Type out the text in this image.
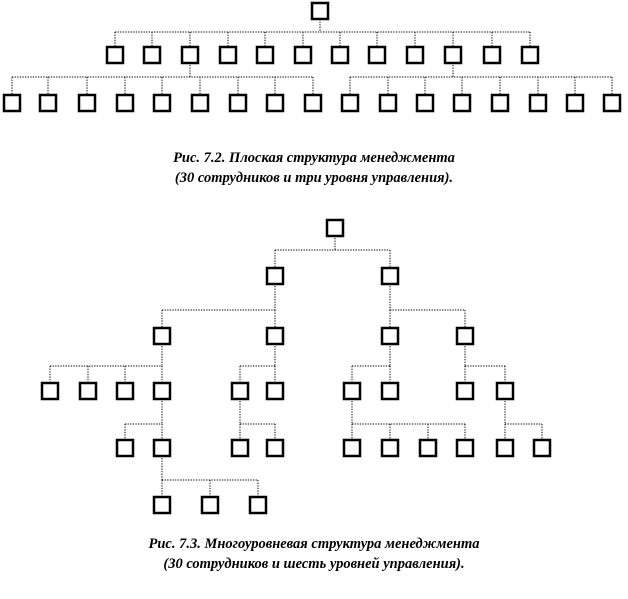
Рис. 7.2. Плоская структура менеджмента
(30 сотрудников и три уровня управления).
Рис. 7.3. Многоуровневая структура менеджмента
(30 сотрудников и шесть уровней управления).
